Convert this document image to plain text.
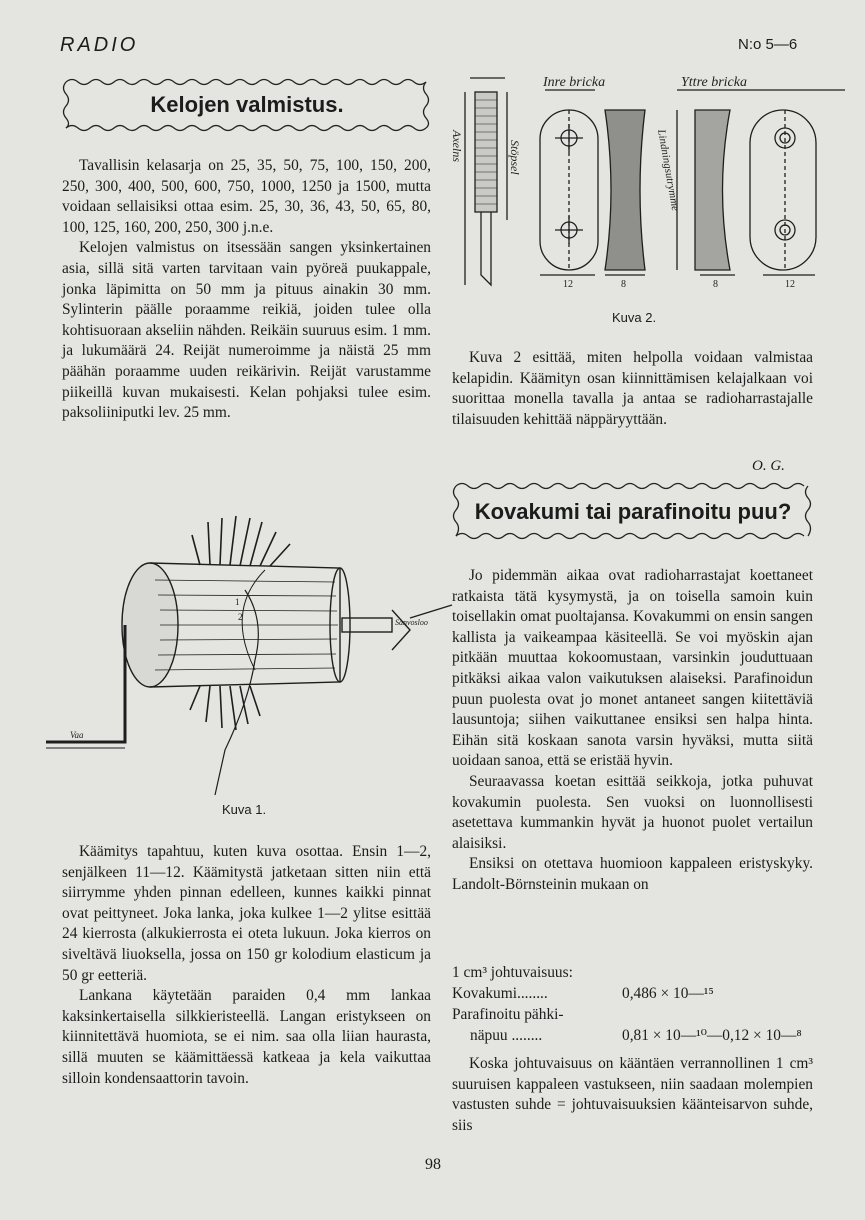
RADIO	N:o 5—6
Kelojen valmistus.

Tavallisin kelasarja on 25, 35, 50, 75, 100, 150, 200, 250, 300, 400, 500, 600, 750, 1000, 1250 ja 1500, mutta voidaan sellaisiksi ottaa esim. 25, 30, 36, 43, 50, 65, 80, 100, 125, 160, 200, 250, 300 j.n.e.

Kelojen valmistus on itsessään sangen yksinkertainen asia, sillä sitä varten tarvitaan vain pyöreä puukappale, jonka läpimitta on 50 mm ja pituus ainakin 30 mm. Sylinterin päälle poraamme reikiä, joiden tulee olla kohtisuoraan akseliin nähden. Reikäin suuruus esim. 1 mm. ja lukumäärä 24. Reijät numeroimme ja näistä 25 mm päähän poraamme uuden reikärivin. Reijät varustamme piikeillä kuvan mukaisesti. Kelan pohjaksi tulee esim. paksoliiniputki lev. 25 mm.

Vaa
Sanvosloo
1
2
Kuva 1.

Käämitys tapahtuu, kuten kuva osottaa. Ensin 1—2, senjälkeen 11—12. Käämitystä jatketaan sitten niin että siirrymme yhden pinnan edelleen, kunnes kaikki pinnat ovat peittyneet. Joka lanka, joka kulkee 1—2 ylitse esittää 24 kierrosta (alkukierrosta ei oteta lukuun. Joka kierros on siveltävä liuoksella, jossa on 150 gr kolodium elasticum ja 50 gr eetteriä.

Lankana käytetään paraiden 0,4 mm lankaa kaksinkertaisella silkkieristeellä. Langan eristykseen on kiinnitettävä huomiota, se ei nim. saa olla liian haurasta, sillä muuten se käämittäessä katkeaa ja kela vaikuttaa silloin kondensaattorin tavoin.

Inre bricka	Yttre bricka
Axelns	Stöpsel	Lindningsutrymme
12	8	8	12
Kuva 2.

Kuva 2 esittää, miten helpolla voidaan valmistaa kelapidin. Käämityn osan kiinnittämisen kelajalkaan voi suorittaa monella tavalla ja antaa se radioharrastajalle tilaisuuden kehittää näppäryyttään.

O. G.
Kovakumi tai parafinoitu puu?

Jo pidemmän aikaa ovat radioharrastajat koettaneet ratkaista tätä kysymystä, ja on toisella samoin kuin toisellakin omat puoltajansa. Kovakummi on ensin sangen kallista ja vaikeampaa käsiteellä. Se voi myöskin ajan pitkään muuttaa kokoomustaan, varsinkin jouduttuaan pitkäksi aikaa valon vaikutuksen alaiseksi. Parafinoidun puun puolesta ovat jo monet antaneet sangen kiitettäviä lausuntoja; siihen vaikuttanee ensiksi sen halpa hinta. Eihän sitä koskaan sanota varsin hyväksi, mutta siitä uoidaan sanoa, että se eristää hyvin.

Seuraavassa koetan esittää seikkoja, jotka puhuvat kovakumin puolesta. Sen vuoksi on luonnollisesti asetettava kummankin hyvät ja huonot puolet vertailun alaisiksi.

Ensiksi on otettava huomioon kappaleen eristyskyky. Landolt-Börnsteinin mukaan on

1 cm³ johtuvaisuus:
Kovakumi........	0,486 × 10—¹⁵
Parafinoitu pähki-
näpuu ........	0,81 × 10—¹⁰—0,12 × 10—⁸

Koska johtuvaisuus on kääntäen verrannollinen 1 cm³ suuruisen kappaleen vastukseen, niin saadaan molempien vastusten suhde = johtuvaisuuksien käänteisarvon suhde, siis

98
